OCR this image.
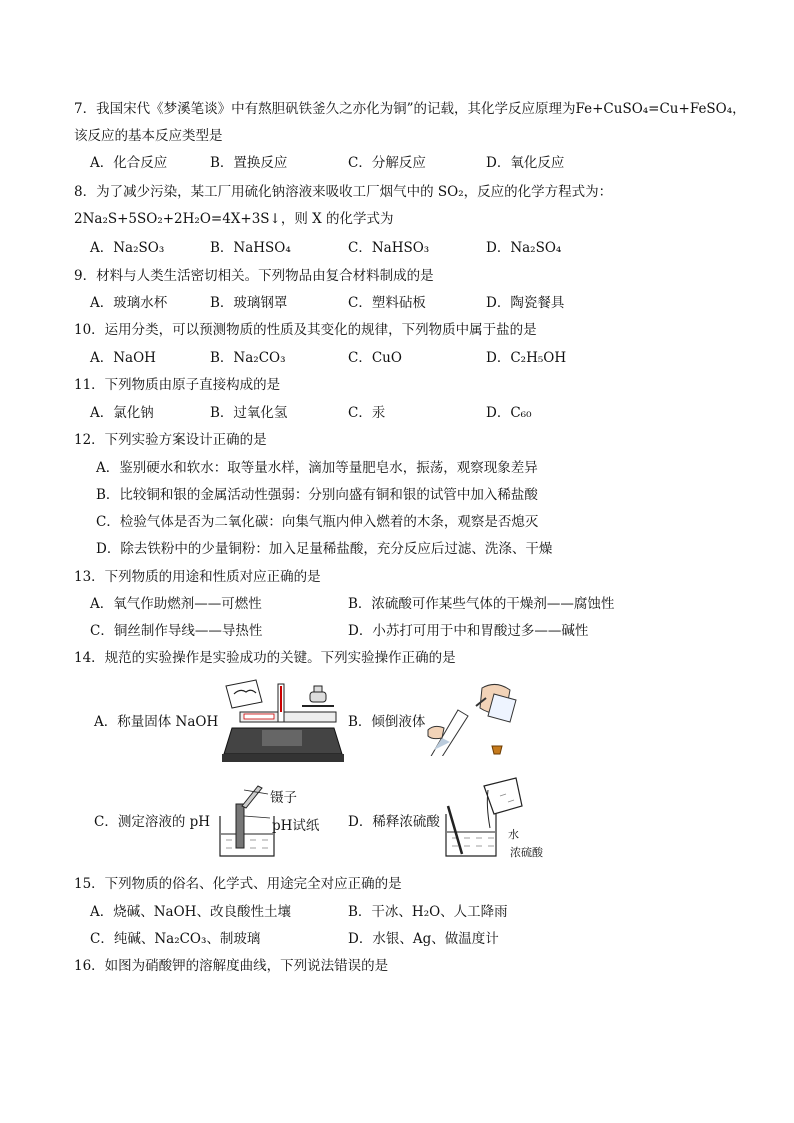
7．我国宋代《梦溪笔谈》中有熬胆矾铁釜久之亦化为铜”的记载，其化学反应原理为Fe+CuSO₄=Cu+FeSO₄，
该反应的基本反应类型是
A．化合反应	B．置换反应	C．分解反应	D．氧化反应
8．为了减少污染，某工厂用硫化钠溶液来吸收工厂烟气中的 SO₂，反应的化学方程式为：
2Na₂S+5SO₂+2H₂O=4X+3S↓，则 X 的化学式为
A．Na₂SO₃	B．NaHSO₄	C．NaHSO₃	D．Na₂SO₄
9．材料与人类生活密切相关。下列物品由复合材料制成的是
A．玻璃水杯	B．玻璃钢罩	C．塑料砧板	D．陶瓷餐具
10．运用分类，可以预测物质的性质及其变化的规律，下列物质中属于盐的是
A．NaOH	B．Na₂CO₃	C．CuO	D．C₂H₅OH
11．下列物质由原子直接构成的是
A．氯化钠	B．过氧化氢	C．汞	D．C₆₀
12．下列实验方案设计正确的是
A．鉴别硬水和软水：取等量水样，滴加等量肥皂水，振荡，观察现象差异
B．比较铜和银的金属活动性强弱：分别向盛有铜和银的试管中加入稀盐酸
C．检验气体是否为二氧化碳：向集气瓶内伸入燃着的木条，观察是否熄灭
D．除去铁粉中的少量铜粉：加入足量稀盐酸，充分反应后过滤、洗涤、干燥
13．下列物质的用途和性质对应正确的是
A．氧气作助燃剂——可燃性	B．浓硫酸可作某些气体的干燥剂——腐蚀性
C．铜丝制作导线——导热性	D．小苏打可用于中和胃酸过多——碱性
14．规范的实验操作是实验成功的关键。下列实验操作正确的是
A．称量固体 NaOH	B．倾倒液体
C．测定溶液的 pH
镊子
pH试纸 D．稀释浓硫酸
水
浓硫酸
15．下列物质的俗名、化学式、用途完全对应正确的是
A．烧碱、NaOH、改良酸性土壤	B．干冰、H₂O、人工降雨
C．纯碱、Na₂CO₃、制玻璃	D．水银、Ag、做温度计
16．如图为硝酸钾的溶解度曲线，下列说法错误的是
